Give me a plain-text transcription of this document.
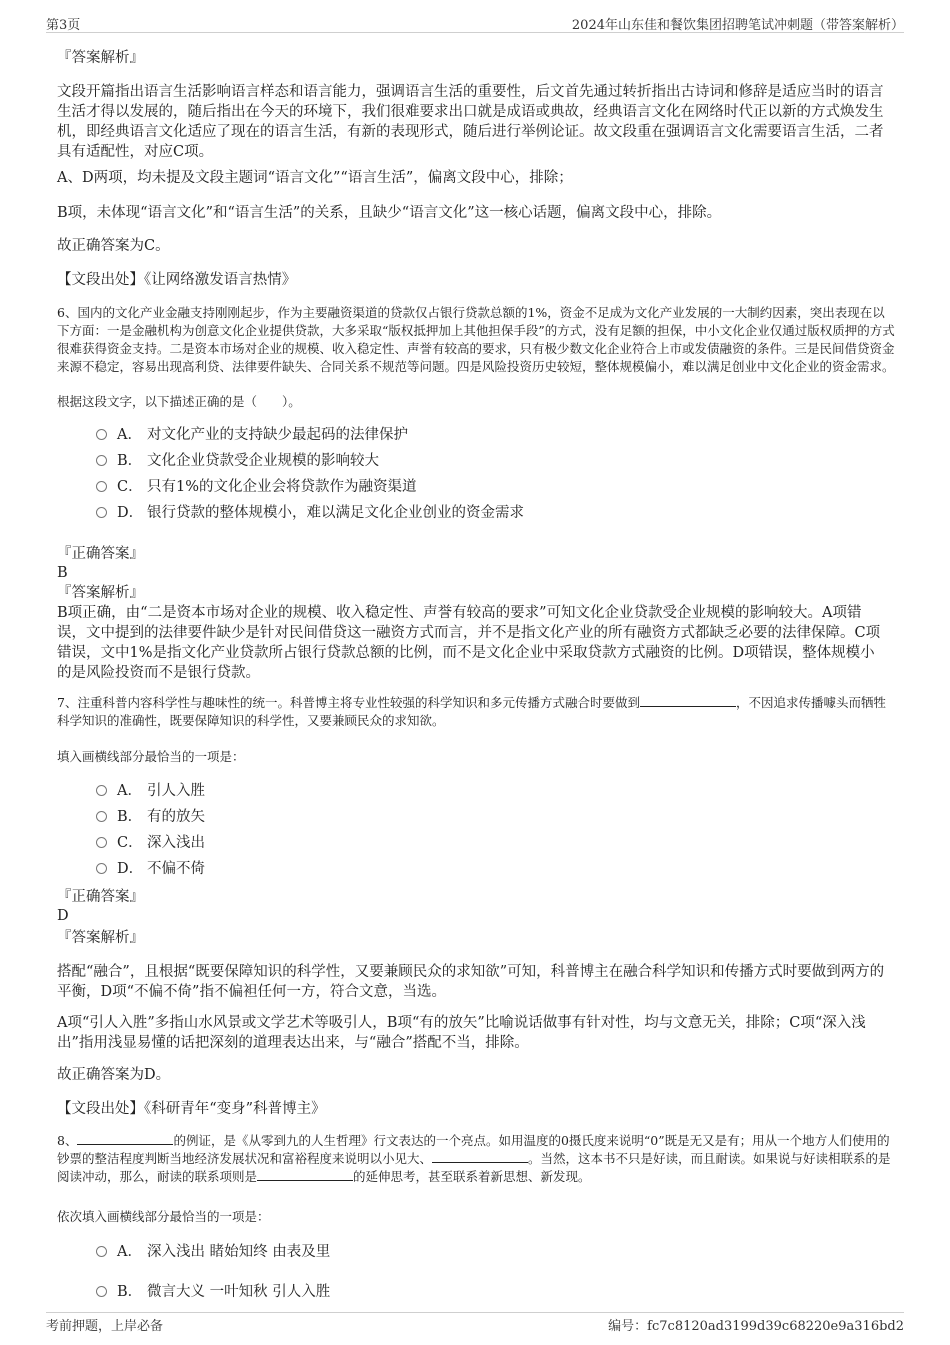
第3页	2024年山东佳和餐饮集团招聘笔试冲刺题（带答案解析）
『答案解析』
文段开篇指出语言生活影响语言样态和语言能力，强调语言生活的重要性，后文首先通过转折指出古诗词和修辞是适应当时的语言生活才得以发展的，随后指出在今天的环境下，我们很难要求出口就是成语或典故，经典语言文化在网络时代正以新的方式焕发生机，即经典语言文化适应了现在的语言生活，有新的表现形式，随后进行举例论证。故文段重在强调语言文化需要语言生活，二者具有适配性，对应C项。
A、D两项，均未提及文段主题词“语言文化”“语言生活”，偏离文段中心，排除；
B项，未体现“语言文化”和“语言生活”的关系，且缺少“语言文化”这一核心话题，偏离文段中心，排除。
故正确答案为C。
【文段出处】《让网络激发语言热情》
6、国内的文化产业金融支持刚刚起步，作为主要融资渠道的贷款仅占银行贷款总额的1%，资金不足成为文化产业发展的一大制约因素，突出表现在以下方面：一是金融机构为创意文化企业提供贷款，大多采取“版权抵押加上其他担保手段”的方式，没有足额的担保，中小文化企业仅通过版权质押的方式很难获得资金支持。二是资本市场对企业的规模、收入稳定性、声誉有较高的要求，只有极少数文化企业符合上市或发债融资的条件。三是民间借贷资金来源不稳定，容易出现高利贷、法律要件缺失、合同关系不规范等问题。四是风险投资历史较短，整体规模偏小，难以满足创业中文化企业的资金需求。
根据这段文字，以下描述正确的是（　　）。
A． 对文化产业的支持缺少最起码的法律保护
B． 文化企业贷款受企业规模的影响较大
C． 只有1%的文化企业会将贷款作为融资渠道
D． 银行贷款的整体规模小，难以满足文化企业创业的资金需求
『正确答案』
B
『答案解析』
B项正确，由“二是资本市场对企业的规模、收入稳定性、声誉有较高的要求”可知文化企业贷款受企业规模的影响较大。A项错误，文中提到的法律要件缺少是针对民间借贷这一融资方式而言，并不是指文化产业的所有融资方式都缺乏必要的法律保障。C项错误，文中1%是指文化产业贷款所占银行贷款总额的比例，而不是文化企业中采取贷款方式融资的比例。D项错误，整体规模小的是风险投资而不是银行贷款。
7、注重科普内容科学性与趣味性的统一。科普博主将专业性较强的科学知识和多元传播方式融合时要做到	，不因追求传播噱头而牺牲科学知识的准确性，既要保障知识的科学性，又要兼顾民众的求知欲。
填入画横线部分最恰当的一项是：
A． 引人入胜
B． 有的放矢
C． 深入浅出
D． 不偏不倚
『正确答案』
D
『答案解析』
搭配“融合”，且根据“既要保障知识的科学性，又要兼顾民众的求知欲”可知，科普博主在融合科学知识和传播方式时要做到两方的平衡，D项“不偏不倚”指不偏袒任何一方，符合文意，当选。
A项“引人入胜”多指山水风景或文学艺术等吸引人，B项“有的放矢”比喻说话做事有针对性，均与文意无关，排除；C项“深入浅出”指用浅显易懂的话把深刻的道理表达出来，与“融合”搭配不当，排除。
故正确答案为D。
【文段出处】《科研青年“变身”科普博主》
8、	的例证，是《从零到九的人生哲理》行文表达的一个亮点。如用温度的0摄氏度来说明“0”既是无又是有；用从一个地方人们使用的钞票的整洁程度判断当地经济发展状况和富裕程度来说明以小见大、	。当然，这本书不只是好读，而且耐读。如果说与好读相联系的是阅读冲动，那么，耐读的联系项则是	的延伸思考，甚至联系着新思想、新发现。
依次填入画横线部分最恰当的一项是：
A． 深入浅出 睹始知终 由表及里
B． 微言大义 一叶知秋 引人入胜
考前押题，上岸必备	编号：fc7c8120ad3199d39c68220e9a316bd2
